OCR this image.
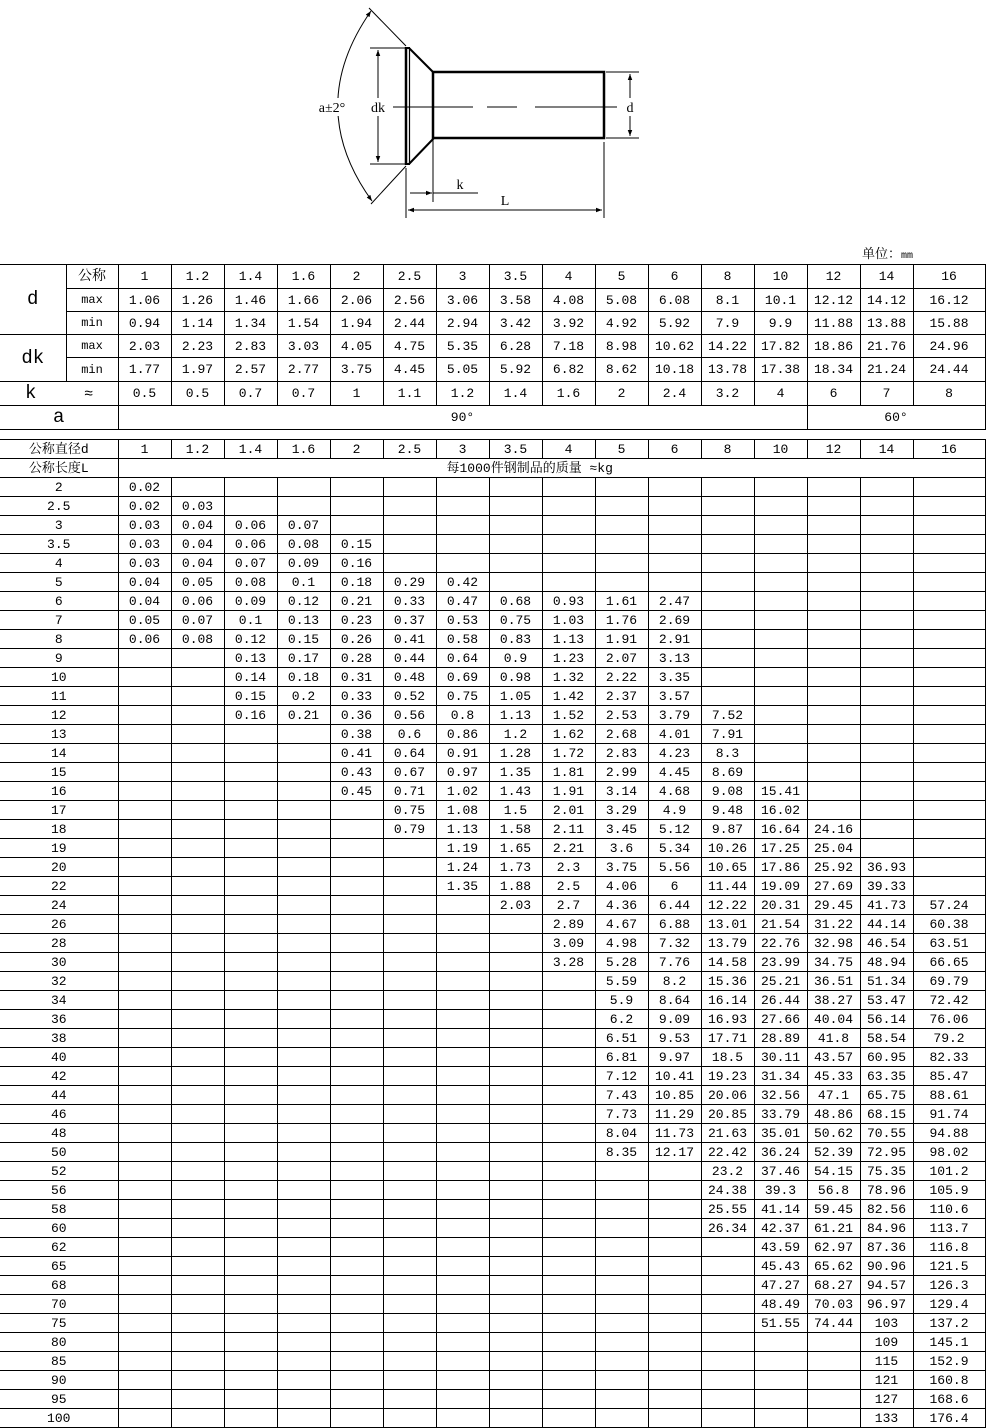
a±2° dk	d
k
L
单位：mm
d	公称	1	1.2	1.4	1.6	2	2.5	3	3.5	4	5	6	8	10	12	14	16
	max	1.06	1.26	1.46	1.66	2.06	2.56	3.06	3.58	4.08	5.08	6.08	8.1	10.1	12.12	14.12	16.12
	min	0.94	1.14	1.34	1.54	1.94	2.44	2.94	3.42	3.92	4.92	5.92	7.9	9.9	11.88	13.88	15.88
dk	max	2.03	2.23	2.83	3.03	4.05	4.75	5.35	6.28	7.18	8.98	10.62	14.22	17.82	18.86	21.76	24.96
	min	1.77	1.97	2.57	2.77	3.75	4.45	5.05	5.92	6.82	8.62	10.18	13.78	17.38	18.34	21.24	24.44
k ≈		0.5	0.5	0.7	0.7	1	1.1	1.2	1.4	1.6	2	2.4	3.2	4	6	7	8
a		90°													60°		
公称直径d	1	1.2	1.4	1.6	2	2.5	3	3.5	4	5	6	8	10	12	14	16
公称长度L	每1000件钢制品的质量 ≈kg															
2	0.02															
2.5	0.02	0.03														
3	0.03	0.04	0.06	0.07												
3.5	0.03	0.04	0.06	0.08	0.15											
4	0.03	0.04	0.07	0.09	0.16											
5	0.04	0.05	0.08	0.1	0.18	0.29	0.42									
6	0.04	0.06	0.09	0.12	0.21	0.33	0.47	0.68	0.93	1.61	2.47					
7	0.05	0.07	0.1	0.13	0.23	0.37	0.53	0.75	1.03	1.76	2.69					
8	0.06	0.08	0.12	0.15	0.26	0.41	0.58	0.83	1.13	1.91	2.91					
9			0.13	0.17	0.28	0.44	0.64	0.9	1.23	2.07	3.13					
10			0.14	0.18	0.31	0.48	0.69	0.98	1.32	2.22	3.35					
11			0.15	0.2	0.33	0.52	0.75	1.05	1.42	2.37	3.57					
12			0.16	0.21	0.36	0.56	0.8	1.13	1.52	2.53	3.79	7.52				
13					0.38	0.6	0.86	1.2	1.62	2.68	4.01	7.91				
14					0.41	0.64	0.91	1.28	1.72	2.83	4.23	8.3				
15					0.43	0.67	0.97	1.35	1.81	2.99	4.45	8.69				
16					0.45	0.71	1.02	1.43	1.91	3.14	4.68	9.08	15.41			
17						0.75	1.08	1.5	2.01	3.29	4.9	9.48	16.02			
18						0.79	1.13	1.58	2.11	3.45	5.12	9.87	16.64	24.16		
19							1.19	1.65	2.21	3.6	5.34	10.26	17.25	25.04		
20							1.24	1.73	2.3	3.75	5.56	10.65	17.86	25.92	36.93	
22							1.35	1.88	2.5	4.06	6	11.44	19.09	27.69	39.33	
24								2.03	2.7	4.36	6.44	12.22	20.31	29.45	41.73	57.24
26									2.89	4.67	6.88	13.01	21.54	31.22	44.14	60.38
28									3.09	4.98	7.32	13.79	22.76	32.98	46.54	63.51
30									3.28	5.28	7.76	14.58	23.99	34.75	48.94	66.65
32										5.59	8.2	15.36	25.21	36.51	51.34	69.79
34										5.9	8.64	16.14	26.44	38.27	53.47	72.42
36										6.2	9.09	16.93	27.66	40.04	56.14	76.06
38										6.51	9.53	17.71	28.89	41.8	58.54	79.2
40										6.81	9.97	18.5	30.11	43.57	60.95	82.33
42										7.12	10.41	19.23	31.34	45.33	63.35	85.47
44										7.43	10.85	20.06	32.56	47.1	65.75	88.61
46										7.73	11.29	20.85	33.79	48.86	68.15	91.74
48										8.04	11.73	21.63	35.01	50.62	70.55	94.88
50										8.35	12.17	22.42	36.24	52.39	72.95	98.02
52												23.2	37.46	54.15	75.35	101.2
56												24.38	39.3	56.8	78.96	105.9
58												25.55	41.14	59.45	82.56	110.6
60												26.34	42.37	61.21	84.96	113.7
62													43.59	62.97	87.36	116.8
65													45.43	65.62	90.96	121.5
68													47.27	68.27	94.57	126.3
70													48.49	70.03	96.97	129.4
75													51.55	74.44	103	137.2
80															109	145.1
85															115	152.9
90															121	160.8
95															127	168.6
100															133	176.4
